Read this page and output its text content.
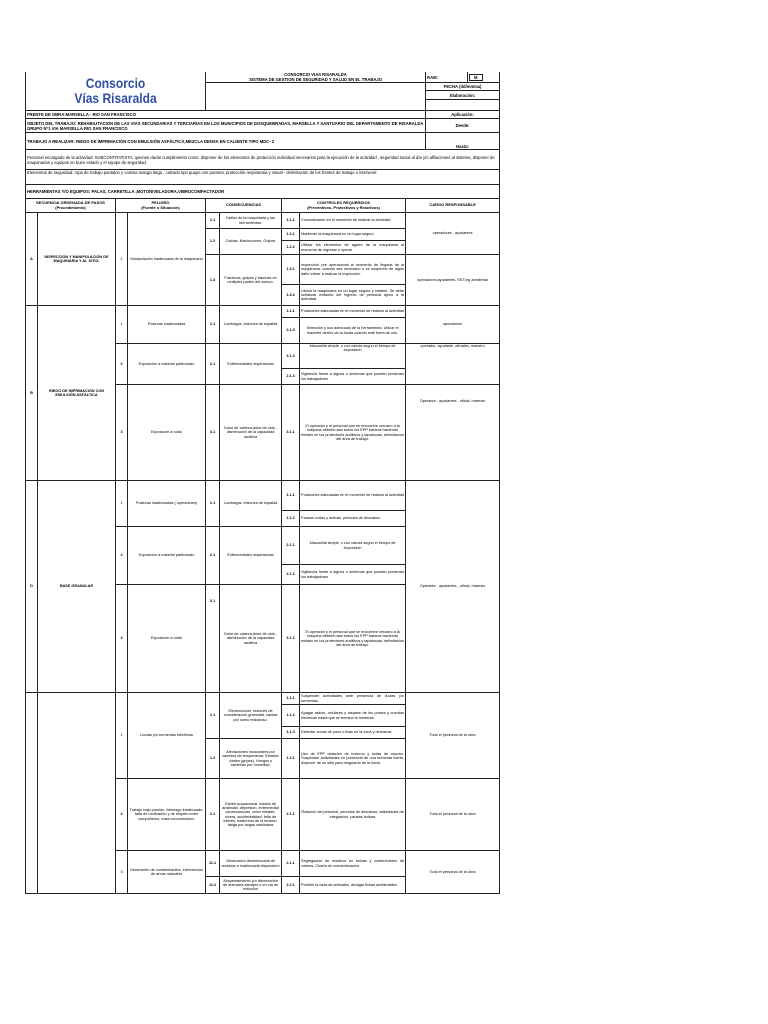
Consorcio
Vías Risaralda				CONSORCIO VIAS RISARALDA
SISTEMA DE GESTION DE SEGURIDAD Y SALUD EN EL TRABAJO					RAM:	M
									FECHA (dd/mm/aa)	
									Elaboración:	

FRENTE DE OBRA:MARSELLA - RIO SAN FRANCISCO									Aplicación:	
OBJETO DEL TRABAJO: REHABILITACION DE LAS VIAS SECUNDARIAS Y TERCIARIAS EN LOS MUNICIPIOS DE DOSQUEBRADAS, MARSELLA Y SANTUARIO DEL DEPARTAMENTO DE RISARALDA GRUPO N°1 VIA MARSELLA RIO SAN FRANCISCO									Desde:	
TRABAJO A REALIZAR: RIEGO DE IMPRIMACIÓN CON EMULSIÓN ASFÁLTICA,MEZCLA DENSA EN CALIENTE TIPO MDC- 2									Hasta:	
Personal encargado de la actividad: SUBCONTRATISTA, quienes darán cumplimiento como: disponer de los elementos de protección individual necesarios para la ejecución de la actividad , seguridad social al día y/o afiliaciones al sistema, disponer de maquinarias y equipos en buen estado y el equipo de seguridad.										
Elementos de seguridad: ropa de trabajo pantalon y camisa manga larga , calzado tipo guayo con puntera, protección respiratoria y visual - delimitación de los frentes de trabajo o intervenir.										
HERRAMIENTAS Y/O EQUIPOS: PALAS, CARRETILLA ,MOTONIVELADORA,VIBROCOMPACTADOR										
SECUENCIA ORDENADA DE PASOS
(Procedimiento)		PELIGRO
(Fuente o Situación)		CONSECUENCIAS		CONTROLES REQUERIDOS
(Preventivos, Protectivos y Reactivos)		CARGO RESPONSABLE		
A	INSPECCIÓN Y MANIPULACIÓN DE MAQUINARIA Y AL SITIO.	1	Manipulación inadecuada de la maquinaria	1.1	Daños de la maquinaria y las herramientas.	1.1.1	Concentración en el momento de realizar la actividad	operadores , ayudantes		
				1.2	Caídas, Machucones, Golpes	1.2.1	Mantener la maquinaria en un lugar seguro			
						1.2.2	Utilizar los elementos de agarre de la maquinaria al momento de ingresar u operar			
				1.3	Fracturas, golpes y traumas en múltiples partes del cuerpo.	1.3.1	Inspección pre operacional al momento de llegada de la maquinaria. cuando sea necesario o se sospeche de algún daño volver a realizar la inspección	operadores,ayudantes, SST,ing ambiental		
						1.3.2	Ubicar la maquinaria en un lugar seguro y estable. Se debe señalizar evitando del ingreso de personal ajeno a la actividad.			
B	RIEGO DE IMPRIMACIÓN CON EMULSIÓN ASFÁLTICA	1	Posturas inadecuadas	1.1	Lumbagos, lesiones de espalda	1.1.1	Posiciones adecuadas en el momento de realizar la actividad	operadores		
						2.1.3	Selección y uso adecuado de la herramienta. Ubicar el machete dentro de la funda cuando este fuera de uso.			
		2	Exposición a material particulado	2.1	Enfermedades respiratorias	2.1.2	Mascarilla simple, o con canula según el tiempo de exposición	operador, ayudante ,oficiales, maestro		
						2.1.3	Vigilancia frente a signos o síntomas que puedan presentar los trabajadores			
		3	Exposición a ruido	3.1	Dolor de cabeza,dolor de oido , disminución de la capacidad auditiva	3.1.1	El operador y el personal que se encuentre cercano a la máquina deberá usar todos los EPP básicos haciendo énfasis en los protectores auditivos y tapabocas, delimitacion del área de trabajo.	Operador , ayudantes , oficial, maestro		
D	BASE GRANULAR	1	Posturas inadecuadas ( operadores)	1.1	Lumbagos, lesiones de espalda	1.1.1	Posiciones adecuadas en el momento de realizar la actividad	Operador , ayudantes , oficial, maestro		
						1.1.2	Pausas cortas y activas, periodos de descanso			
		2	Exposición a material particulado	2.1	Enfermedades respiratorias	2.1.1	Mascarilla simple, o con canula según el tiempo de exposición			
						2.1.2	Vigilancia frente a signos o síntomas que puedan presentar los trabajadores			
		3	Exposición a ruido	3.1	Dolor de cabeza,dolor de oido , disminución de la capacidad auditiva	3.1.2	El operador y el personal que se encuentre cercano a la máquina deberá usar todos los EPP básicos haciendo énfasis en los protectores auditivos y tapabocas, delimitacion del área de trabajo.			
		1	Lluvias y/o tormentas eléctricas	1.1	Electrocución, lesiones de consideración gravedad, caídas por suelo resbaloso.	1.1.1	Suspender actividades ante presencia de lluvias y/o tormentas.	Todo el personal de la obra		
						1.1.2	Apagar radios, celulares y alejarse de los postes y cuerdas eléctricas hasta que se termine la tormenta.			
						1.1.3	Detectar zonas de pozo o lisas en la zona y demarcar.			
				1.2	Afectaciones musculares por cambios de temperatura. Estados virales (gripes). Hongos y bacterias por humedad.	1.2.1	Uso de EPP dotación de invierno y botas de caucho. Suspender actividades en presencia de una tormenta fuerte, disponer de un sitio para resguardo de la lluvia.			
		2	Trabajo bajo presión, liderazgo inadecuado, falta de motivación y de respeto entre compañeros, mala comunicación.	2.1	Estrés ocupacional, estado de ansiedad, depresión, enfermedad cardiovascular, colon irritable, ulcera, accidentalidad, falta de interés, trastornos de la tensión, fatiga por largas caminatas	2.1.1	Rotación del personal, periodos de descanso, actividades de integración, pausas activas	Todo el personal de la obra		
		3	Generación de contaminantes, intervención de áreas naturales	11.1	Generación desmesurada de residuos e inadecuada disposición	2.1.1	Segregación de residuos en bolsas y contenedores de colores. Charla de concientización.	Todo el personal de la obra		
				11.2	Ahuyentamiento y/o disminución de animales salvajes o en vía de extinción	2.2.1	Prohibir la caza de animales, divulgar fichas ambientales.			
